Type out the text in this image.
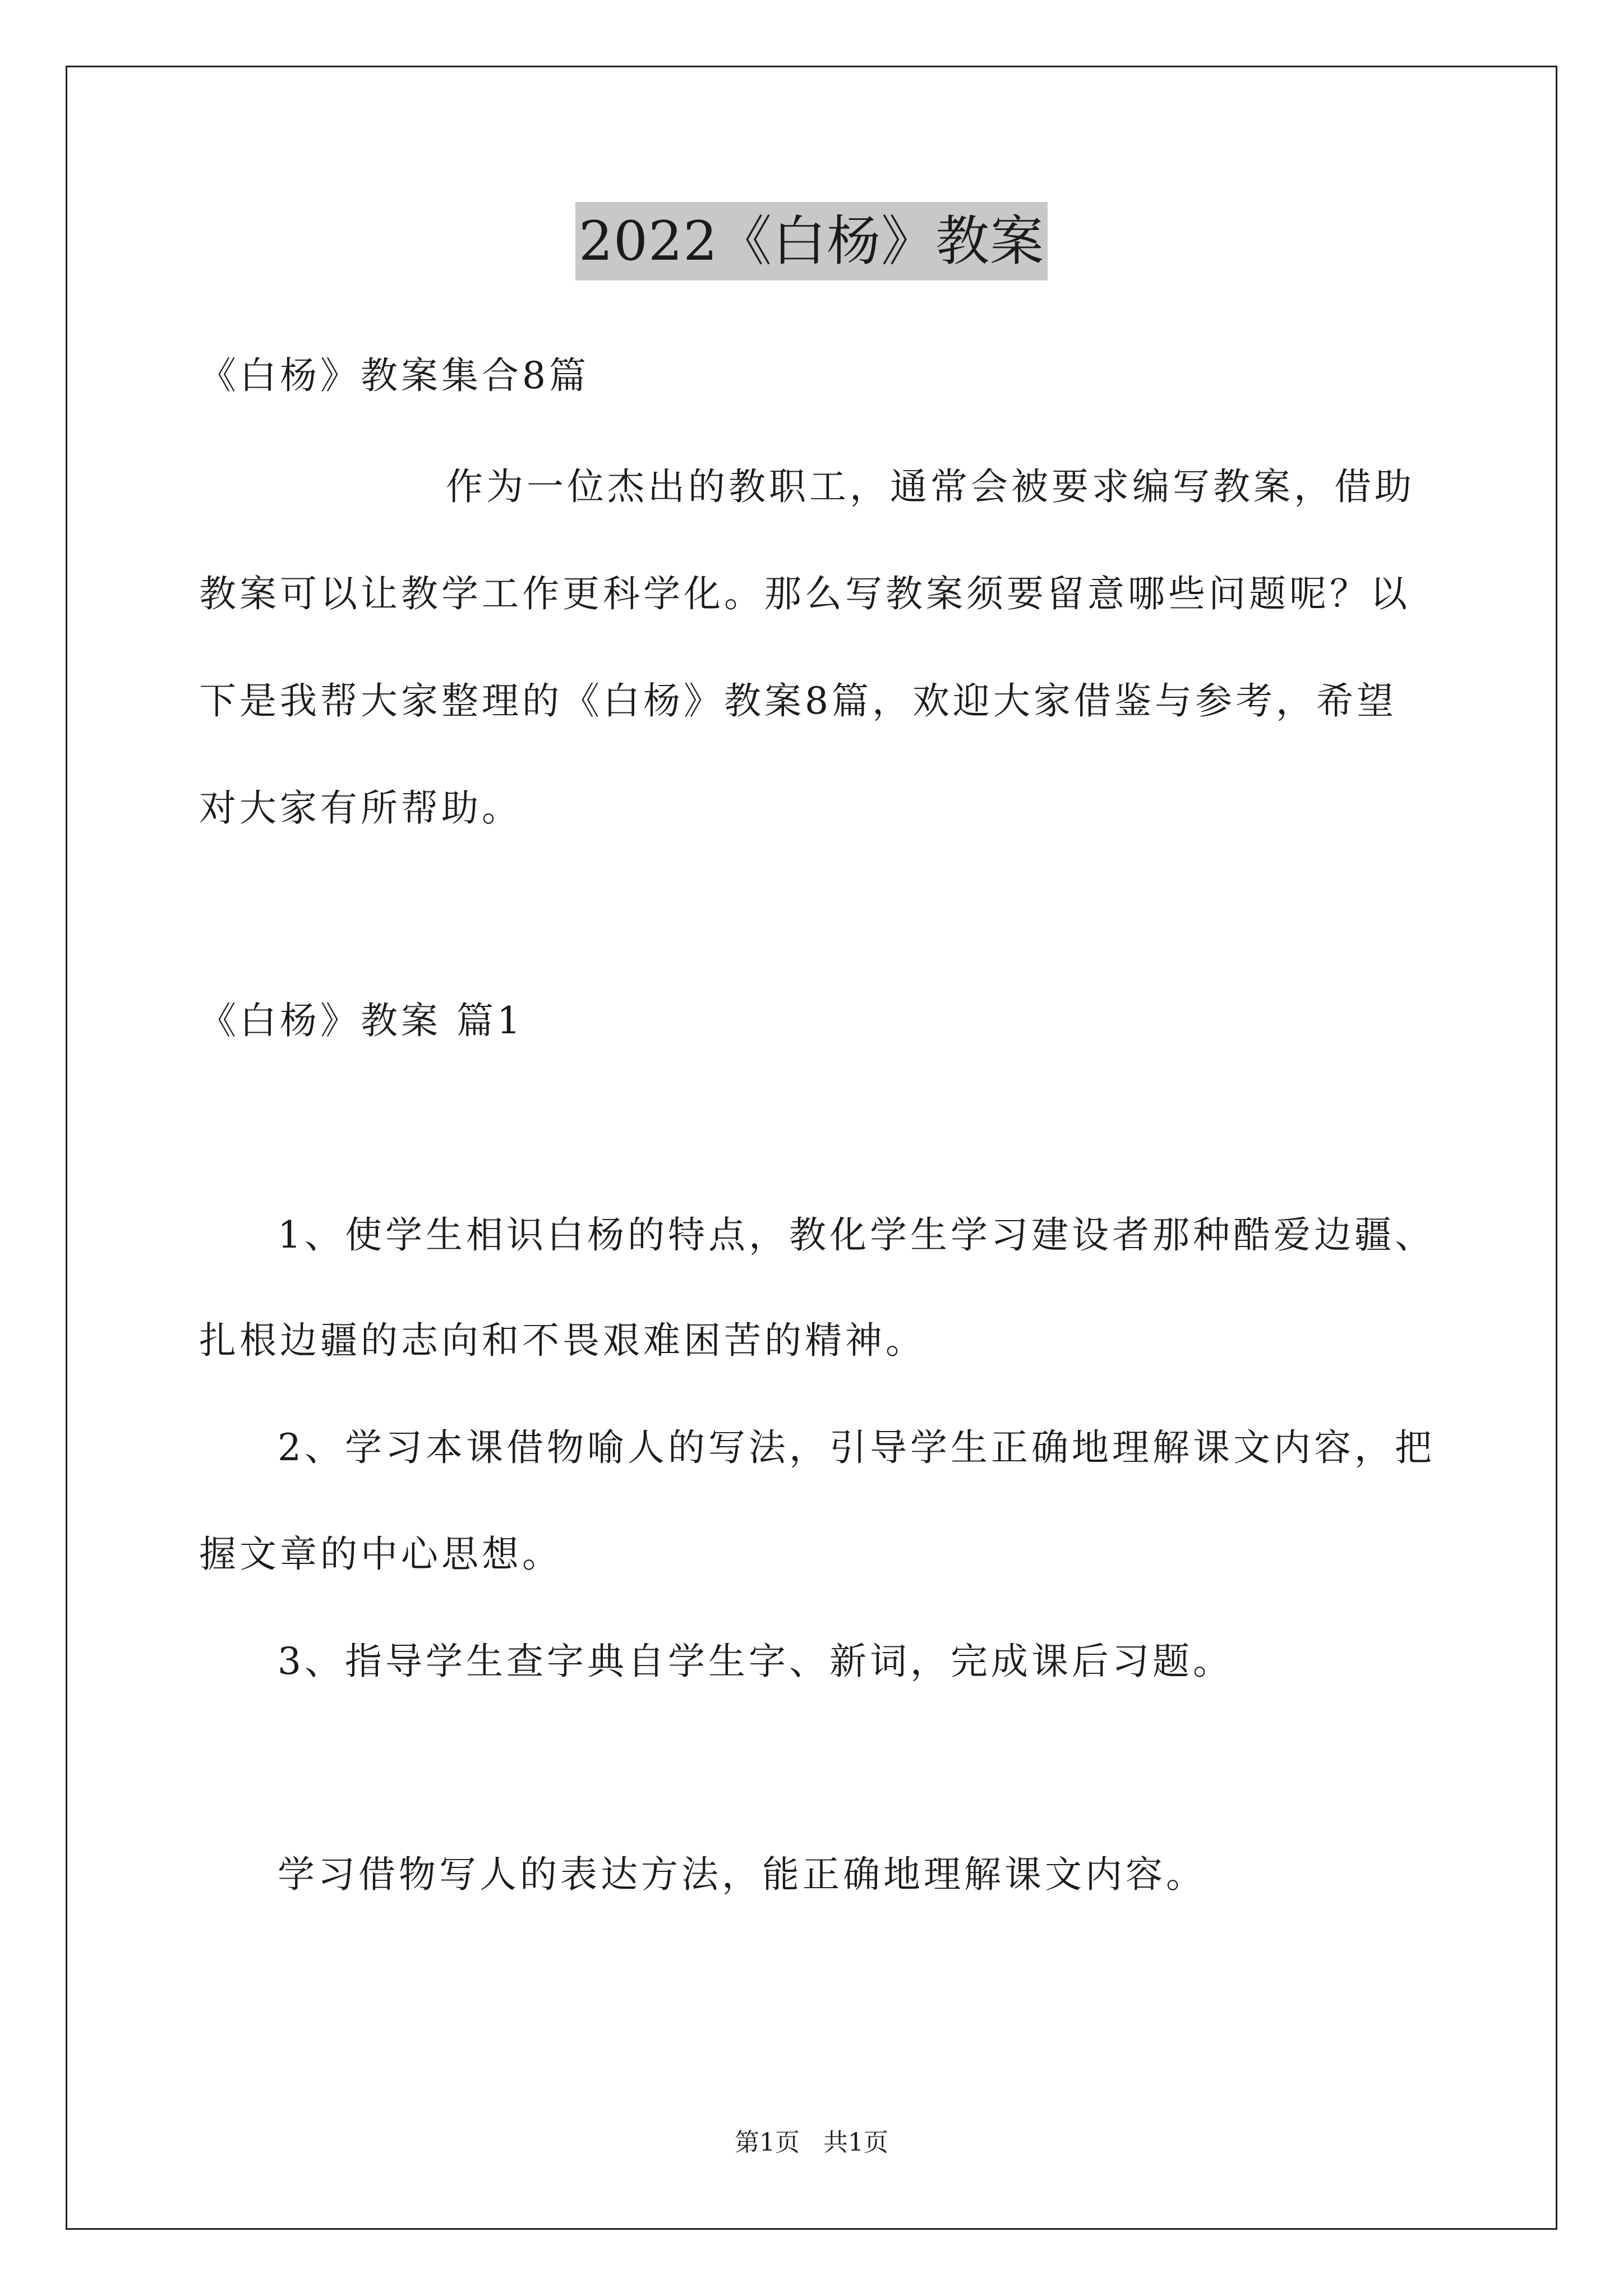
2022《白杨》教案
《白杨》教案集合8篇
作为一位杰出的教职工，通常会被要求编写教案，借助
教案可以让教学工作更科学化。那么写教案须要留意哪些问题呢？以
下是我帮大家整理的《白杨》教案8篇，欢迎大家借鉴与参考，希望
对大家有所帮助。
《白杨》教案 篇1
1、使学生相识白杨的特点，教化学生学习建设者那种酷爱边疆、
扎根边疆的志向和不畏艰难困苦的精神。
2、学习本课借物喻人的写法，引导学生正确地理解课文内容，把
握文章的中心思想。
3、指导学生查字典自学生字、新词，完成课后习题。
学习借物写人的表达方法，能正确地理解课文内容。
第1页   共1页
